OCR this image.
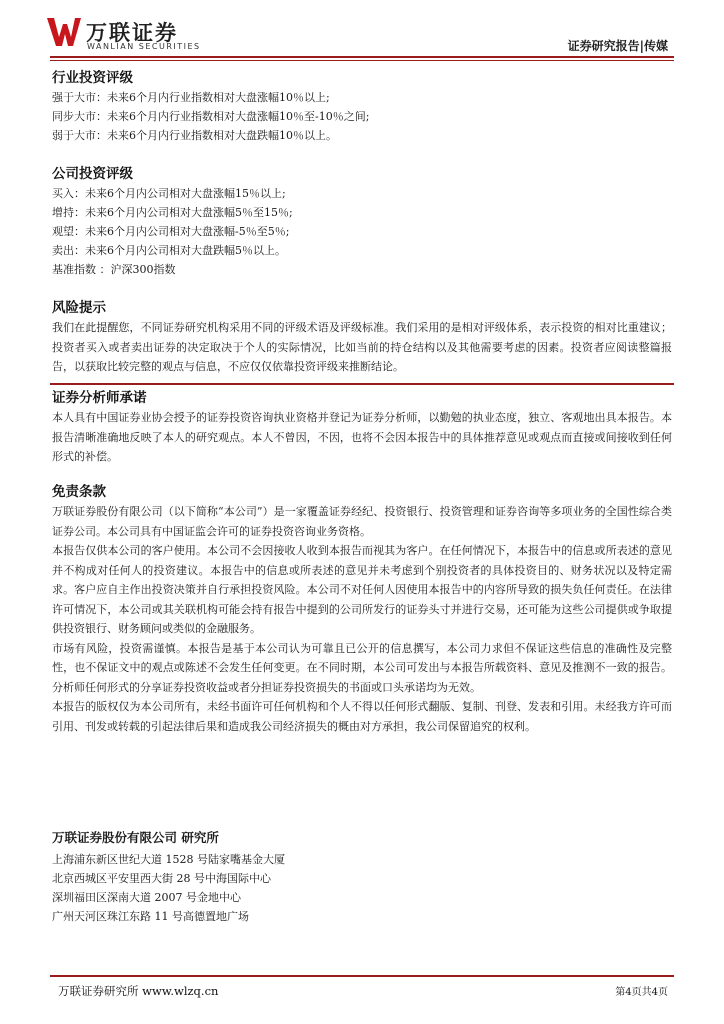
万联证券
WANLIAN SECURITIES	证券研究报告|传媒

行业投资评级

强于大市：未来6个月内行业指数相对大盘涨幅10％以上;

同步大市：未来6个月内行业指数相对大盘涨幅10％至-10％之间;

弱于大市：未来6个月内行业指数相对大盘跌幅10％以上。

公司投资评级

买入：未来6个月内公司相对大盘涨幅15％以上;

增持：未来6个月内公司相对大盘涨幅5％至15％;

观望：未来6个月内公司相对大盘涨幅-5％至5％;

卖出：未来6个月内公司相对大盘跌幅5％以上。

基准指数 ：沪深300指数

风险提示

我们在此提醒您，不同证券研究机构采用不同的评级术语及评级标准。我们采用的是相对评级体系，表示投资的相对比重建议；投资者买入或者卖出证券的决定取决于个人的实际情况，比如当前的持仓结构以及其他需要考虑的因素。投资者应阅读整篇报告，以获取比较完整的观点与信息，不应仅仅依靠投资评级来推断结论。

证券分析师承诺

本人具有中国证券业协会授予的证券投资咨询执业资格并登记为证券分析师，以勤勉的执业态度，独立、客观地出具本报告。本报告清晰准确地反映了本人的研究观点。本人不曾因，不因，也将不会因本报告中的具体推荐意见或观点而直接或间接收到任何形式的补偿。

免责条款

万联证券股份有限公司（以下简称“本公司”）是一家覆盖证券经纪、投资银行、投资管理和证券咨询等多项业务的全国性综合类证券公司。本公司具有中国证监会许可的证券投资咨询业务资格。

本报告仅供本公司的客户使用。本公司不会因接收人收到本报告而视其为客户。在任何情况下，本报告中的信息或所表述的意见并不构成对任何人的投资建议。本报告中的信息或所表述的意见并未考虑到个别投资者的具体投资目的、财务状况以及特定需求。客户应自主作出投资决策并自行承担投资风险。本公司不对任何人因使用本报告中的内容所导致的损失负任何责任。在法律许可情况下，本公司或其关联机构可能会持有报告中提到的公司所发行的证券头寸并进行交易，还可能为这些公司提供或争取提供投资银行、财务顾问或类似的金融服务。

市场有风险，投资需谨慎。本报告是基于本公司认为可靠且已公开的信息撰写，本公司力求但不保证这些信息的准确性及完整性，也不保证文中的观点或陈述不会发生任何变更。在不同时期，本公司可发出与本报告所载资料、意见及推测不一致的报告。分析师任何形式的分享证券投资收益或者分担证券投资损失的书面或口头承诺均为无效。

本报告的版权仅为本公司所有，未经书面许可任何机构和个人不得以任何形式翻版、复制、刊登、发表和引用。未经我方许可而引用、刊发或转载的引起法律后果和造成我公司经济损失的概由对方承担，我公司保留追究的权利。

万联证券股份有限公司 研究所

上海浦东新区世纪大道 1528 号陆家嘴基金大厦

北京西城区平安里西大街 28 号中海国际中心

深圳福田区深南大道 2007 号金地中心

广州天河区珠江东路 11 号高德置地广场

万联证券研究所 www.wlzq.cn	第4页共4页
